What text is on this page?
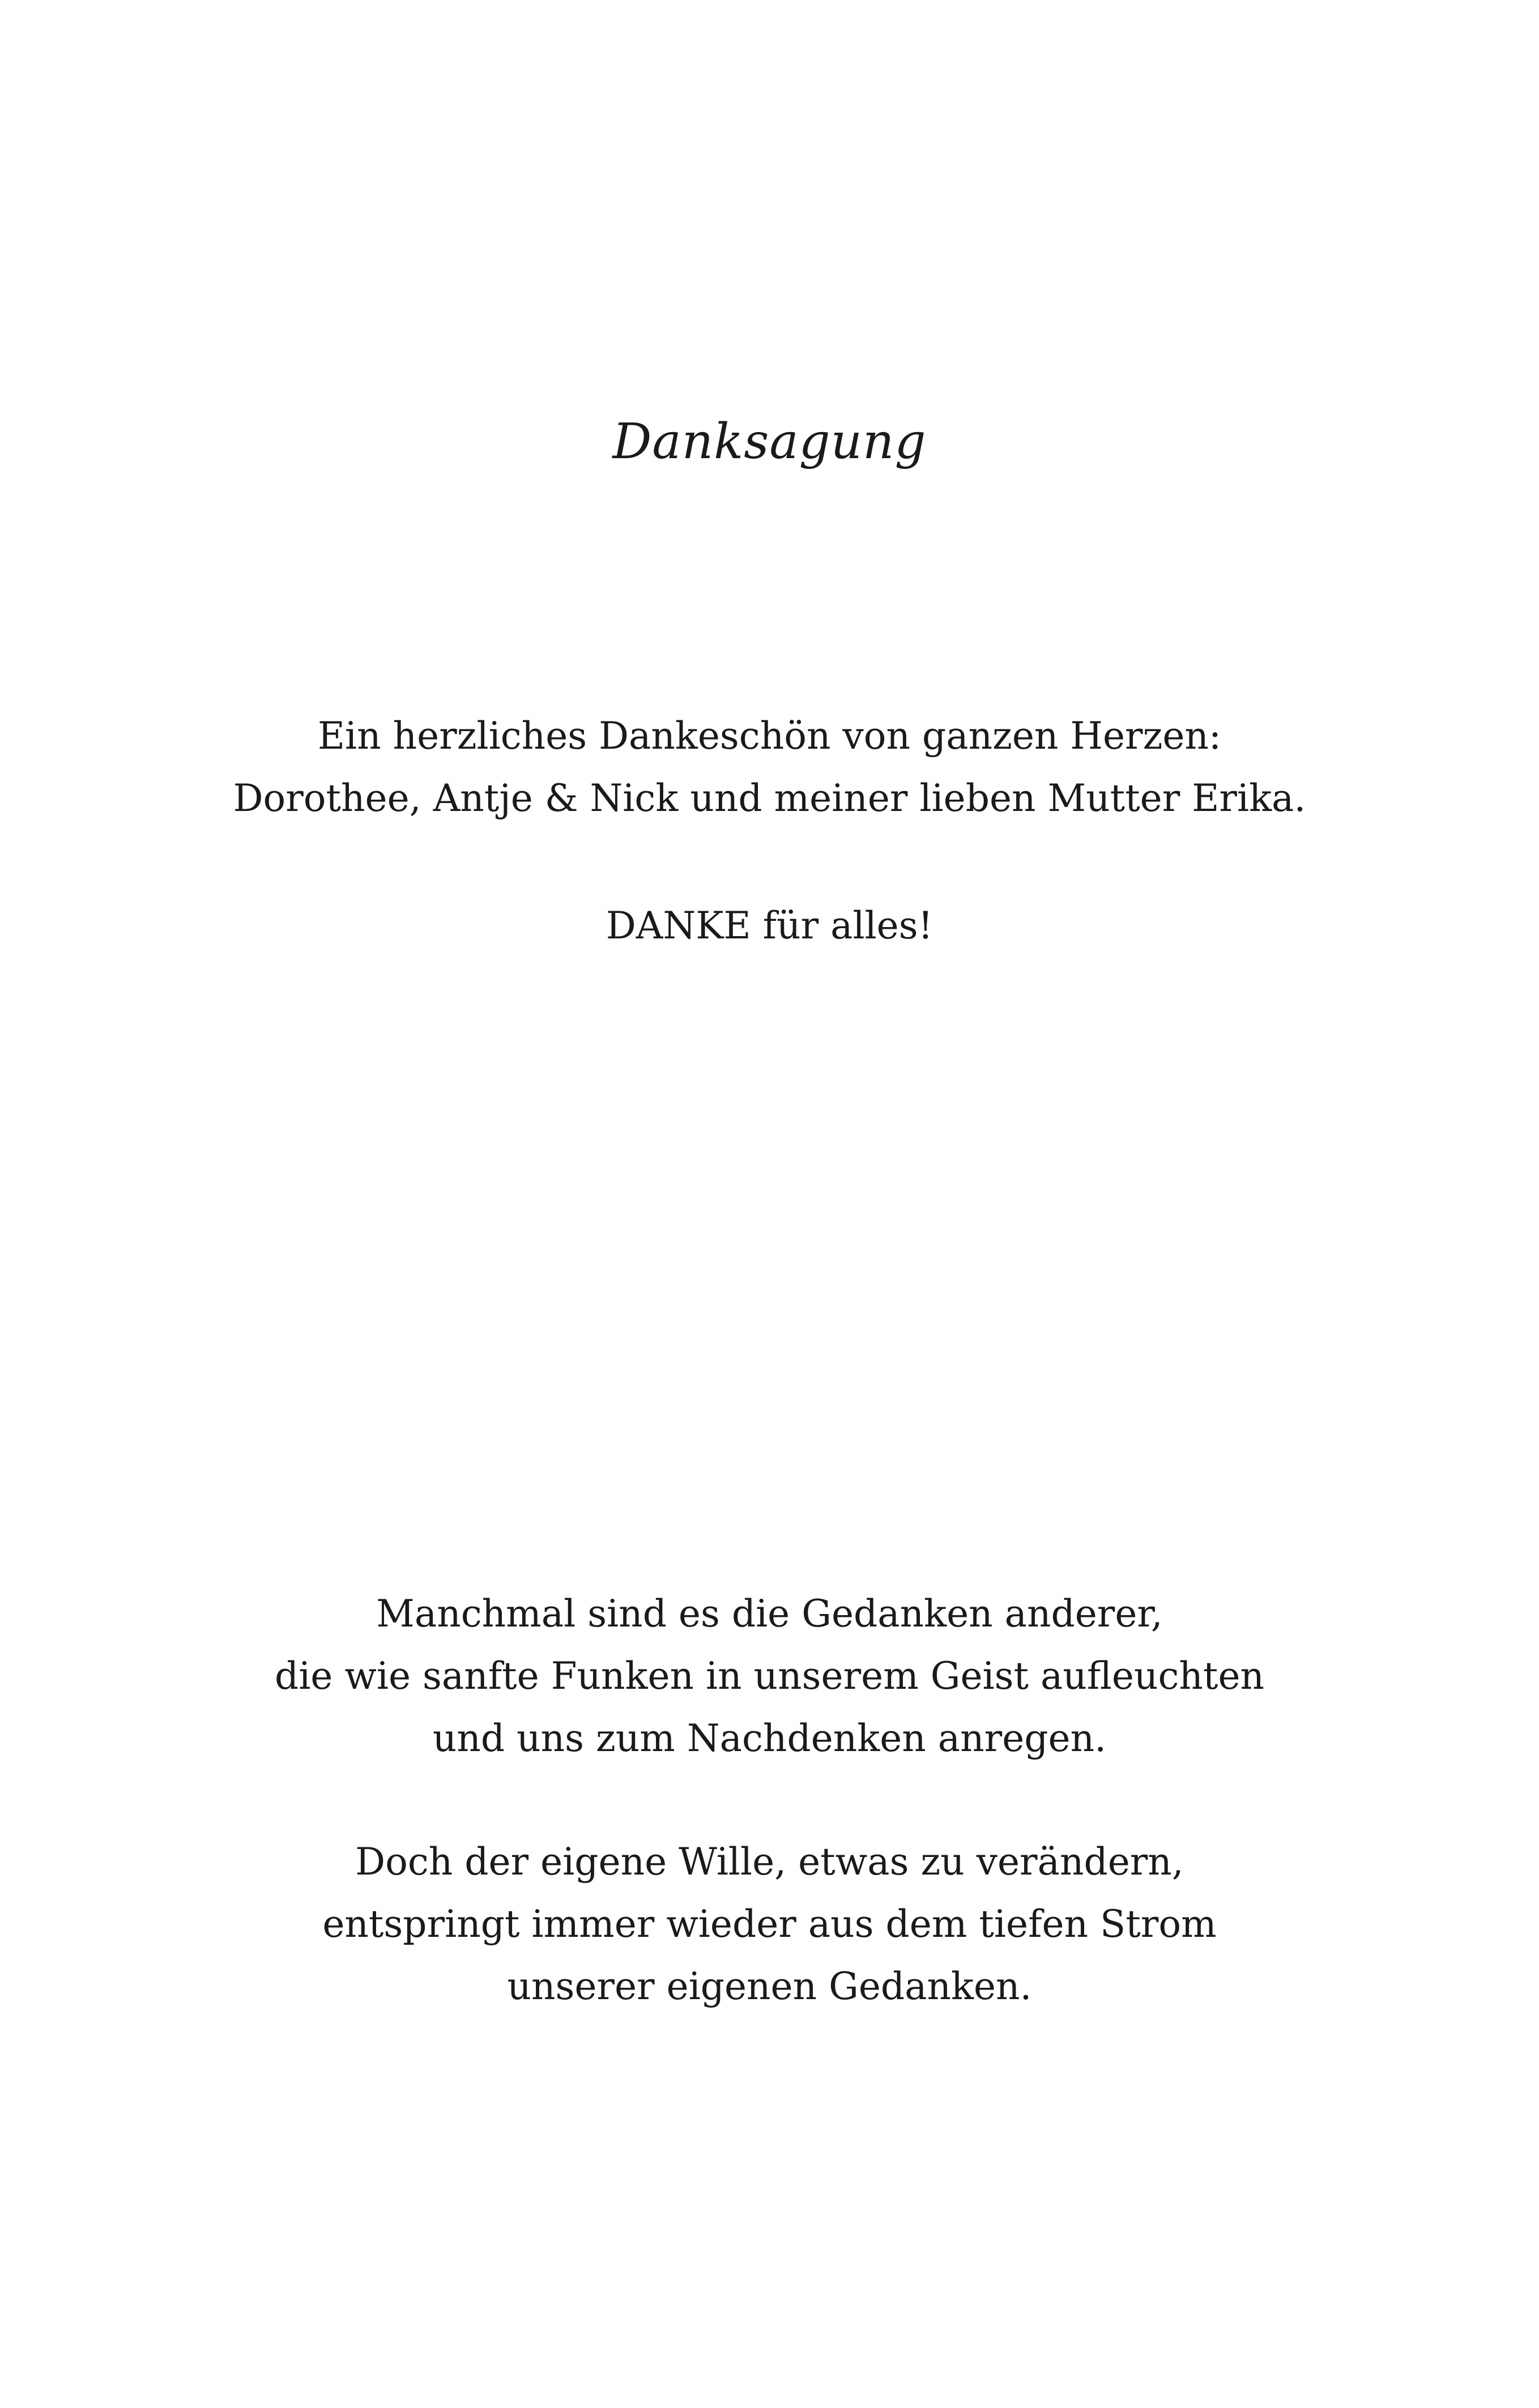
Danksagung
Ein herzliches Dankeschön von ganzen Herzen:
Dorothee, Antje & Nick und meiner lieben Mutter Erika.
DANKE für alles!
Manchmal sind es die Gedanken anderer,
die wie sanfte Funken in unserem Geist aufleuchten
und uns zum Nachdenken anregen.
Doch der eigene Wille, etwas zu verändern,
entspringt immer wieder aus dem tiefen Strom
unserer eigenen Gedanken.
